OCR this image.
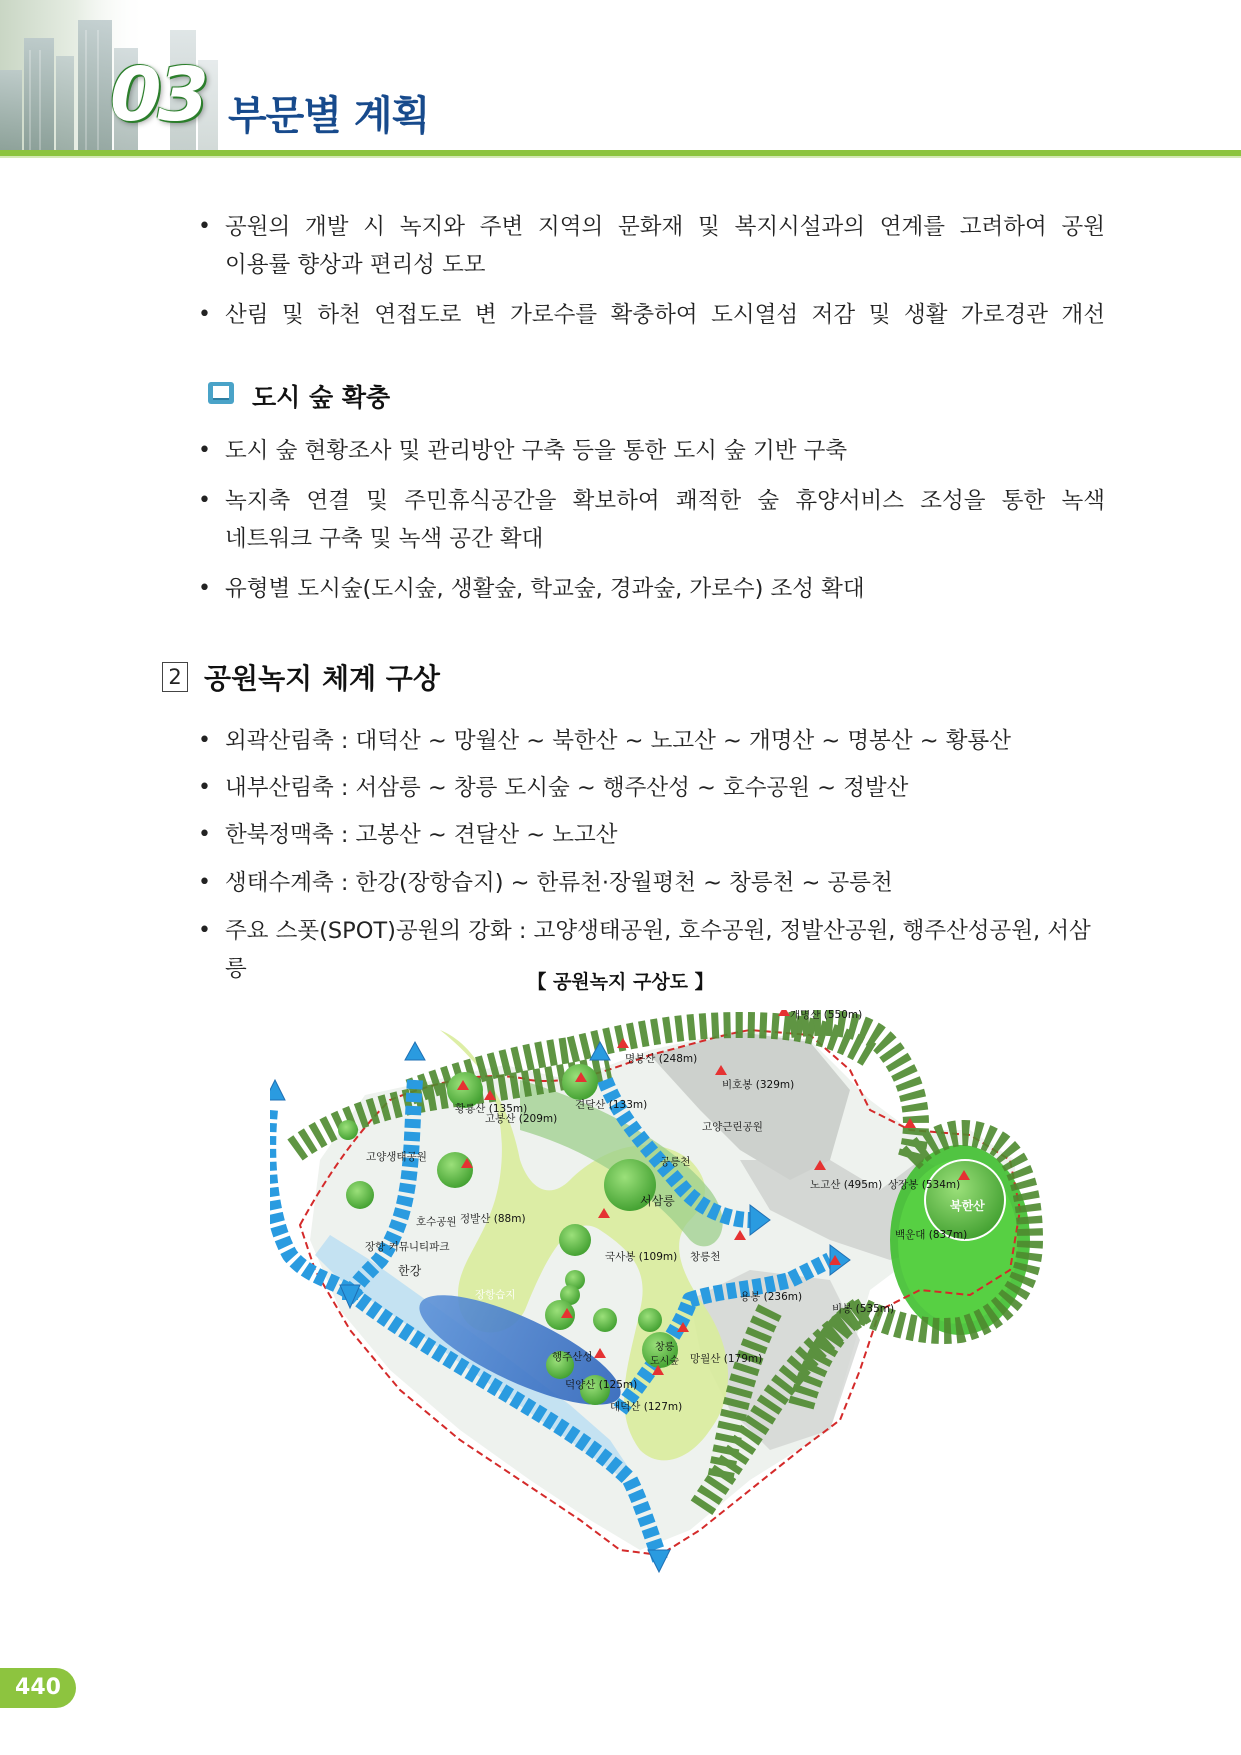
03 부문별 계획
• 공원의 개발 시 녹지와 주변 지역의 문화재 및 복지시설과의 연계를 고려하여 공원
이용률 향상과 편리성 도모
• 산림 및 하천 연접도로 변 가로수를 확충하여 도시열섬 저감 및 생활 가로경관 개선
도시 숲 확충
• 도시 숲 현황조사 및 관리방안 구축 등을 통한 도시 숲 기반 구축
• 녹지축 연결 및 주민휴식공간을 확보하여 쾌적한 숲 휴양서비스 조성을 통한 녹색
네트워크 구축 및 녹색 공간 확대
• 유형별 도시숲(도시숲, 생활숲, 학교숲, 경과숲, 가로수) 조성 확대
2 공원녹지 체계 구상
• 외곽산림축 : 대덕산 ~ 망월산 ~ 북한산 ~ 노고산 ~ 개명산 ~ 명봉산 ~ 황룡산
• 내부산림축 : 서삼릉 ~ 창릉 도시숲 ~ 행주산성 ~ 호수공원 ~ 정발산
• 한북정맥축 : 고봉산 ~ 견달산 ~ 노고산
• 생태수계축 : 한강(장항습지) ~ 한류천·장월평천 ~ 창릉천 ~ 공릉천
• 주요 스폿(SPOT)공원의 강화 : 고양생태공원, 호수공원, 정발산공원, 행주산성공원, 서삼릉	【 공원녹지 구상도 】
개명산 (550m)
명봉산 (248m)
비호봉 (329m)
고양근린공원
황룡산 (135m)	견달산 (133m)
고봉산 (209m)
공릉천
고양생태공원
노고산 (495m) 상장봉 (534m)
북한산
백운대 (837m)
서삼릉
호수공원 정발산 (88m)
장항 커뮤니티파크
국사봉 (109m) 창릉천
한강
장항습지	용봉 (236m)
비봉 (535m)
행주산성
창릉
도시숲 망월산 (179m)
덕양산 (125m)
대덕산 (127m)
440
